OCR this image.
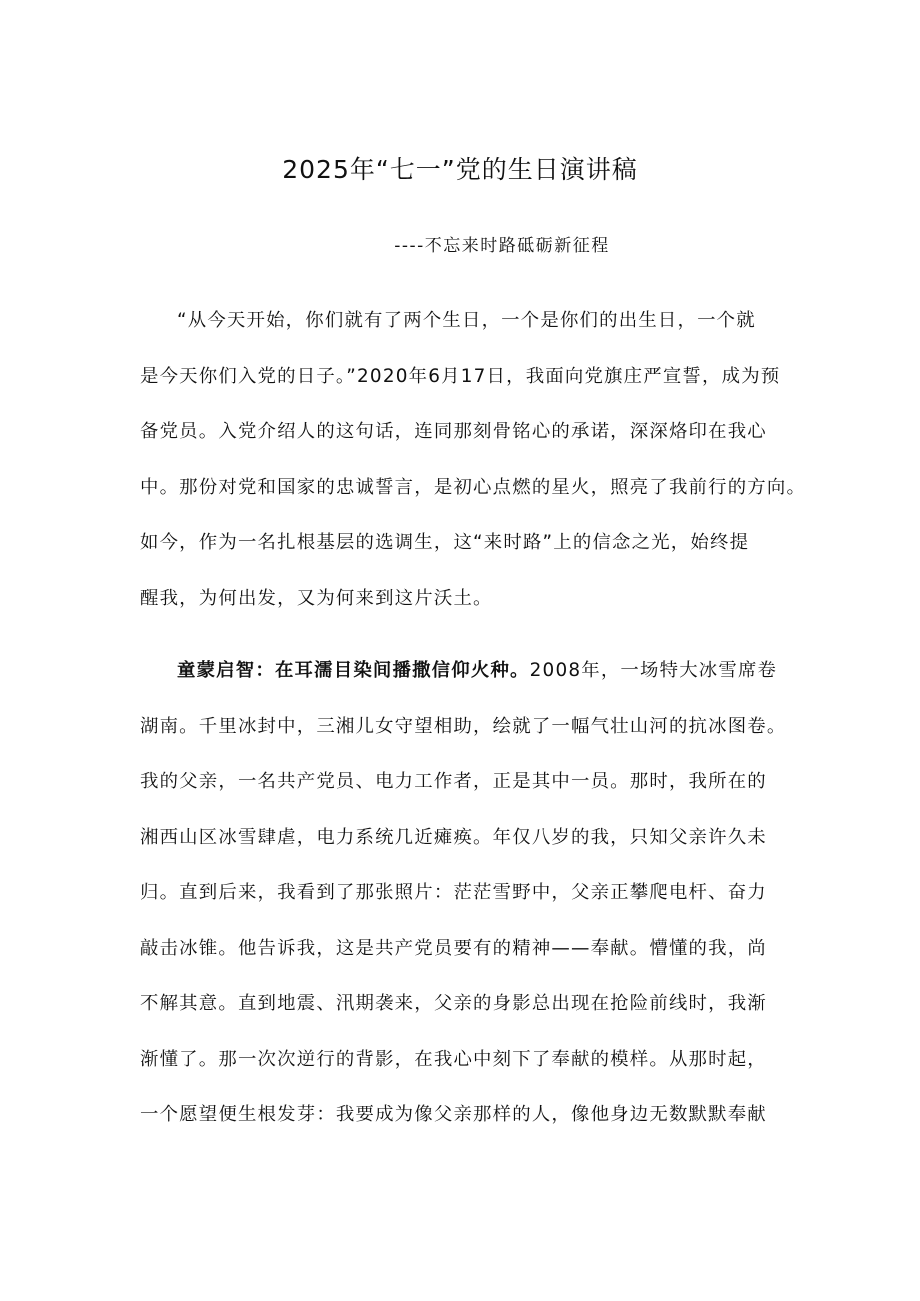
2025年“七一”党的生日演讲稿
----不忘来时路砥砺新征程
“从今天开始，你们就有了两个生日，一个是你们的出生日，一个就
是今天你们入党的日子。”2020年6月17日，我面向党旗庄严宣誓，成为预
备党员。入党介绍人的这句话，连同那刻骨铭心的承诺，深深烙印在我心
中。那份对党和国家的忠诚誓言，是初心点燃的星火，照亮了我前行的方向。
如今，作为一名扎根基层的选调生，这“来时路”上的信念之光，始终提
醒我，为何出发，又为何来到这片沃土。
童蒙启智：在耳濡目染间播撒信仰火种。2008年，一场特大冰雪席卷
湖南。千里冰封中，三湘儿女守望相助，绘就了一幅气壮山河的抗冰图卷。
我的父亲，一名共产党员、电力工作者，正是其中一员。那时，我所在的
湘西山区冰雪肆虐，电力系统几近瘫痪。年仅八岁的我，只知父亲许久未
归。直到后来，我看到了那张照片：茫茫雪野中，父亲正攀爬电杆、奋力
敲击冰锥。他告诉我，这是共产党员要有的精神——奉献。懵懂的我，尚
不解其意。直到地震、汛期袭来，父亲的身影总出现在抢险前线时，我渐
渐懂了。那一次次逆行的背影，在我心中刻下了奉献的模样。从那时起，
一个愿望便生根发芽：我要成为像父亲那样的人，像他身边无数默默奉献
